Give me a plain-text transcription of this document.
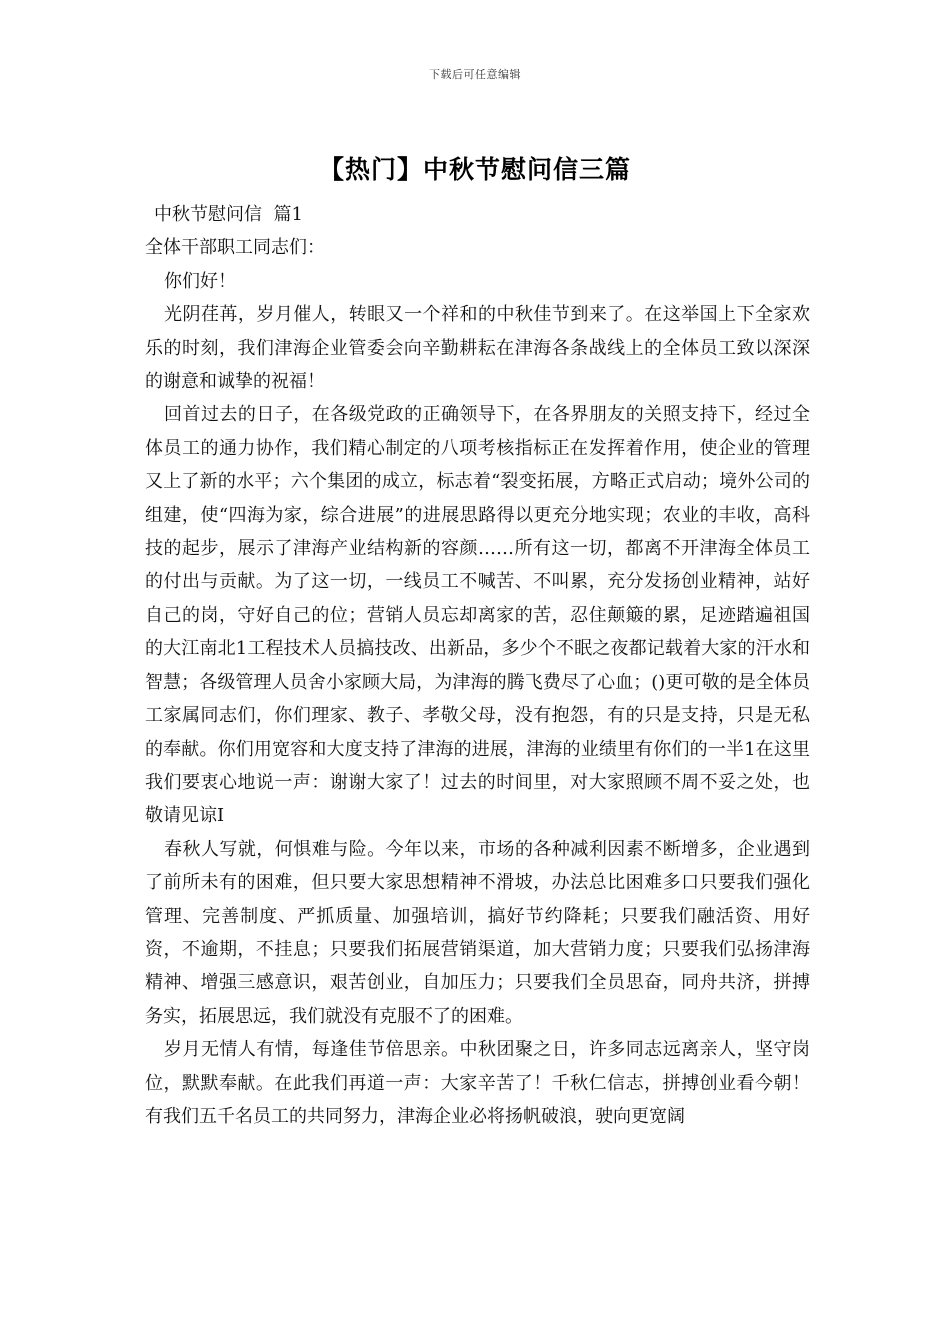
下载后可任意编辑
【热门】中秋节慰问信三篇
中秋节慰问信  篇1
全体干部职工同志们：
你们好！

光阴荏苒，岁月催人，转眼又一个祥和的中秋佳节到来了。在这举国上下全家欢乐的时刻，我们津海企业管委会向辛勤耕耘在津海各条战线上的全体员工致以深深的谢意和诚挚的祝福！

回首过去的日子，在各级党政的正确领导下，在各界朋友的关照支持下，经过全体员工的通力协作，我们精心制定的八项考核指标正在发挥着作用，使企业的管理又上了新的水平；六个集团的成立，标志着“裂变拓展，方略正式启动；境外公司的组建，使“四海为家，综合进展”的进展思路得以更充分地实现；农业的丰收，高科技的起步，展示了津海产业结构新的容颜……所有这一切，都离不开津海全体员工的付出与贡献。为了这一切，一线员工不喊苦、不叫累，充分发扬创业精神，站好自己的岗，守好自己的位；营销人员忘却离家的苦，忍住颠簸的累，足迹踏遍祖国的大江南北1工程技术人员搞技改、出新品，多少个不眠之夜都记载着大家的汗水和智慧；各级管理人员舍小家顾大局，为津海的腾飞费尽了心血；()更可敬的是全体员工家属同志们，你们理家、教子、孝敬父母，没有抱怨，有的只是支持，只是无私的奉献。你们用宽容和大度支持了津海的进展，津海的业绩里有你们的一半1在这里我们要衷心地说一声：谢谢大家了！过去的时间里，对大家照顾不周不妥之处，也敬请见谅I

春秋人写就，何惧难与险。今年以来，市场的各种减利因素不断增多，企业遇到了前所未有的困难，但只要大家思想精神不滑坡，办法总比困难多口只要我们强化管理、完善制度、严抓质量、加强培训，搞好节约降耗；只要我们融活资、用好资，不逾期，不挂息；只要我们拓展营销渠道，加大营销力度；只要我们弘扬津海精神、增强三感意识，艰苦创业，自加压力；只要我们全员思奋，同舟共济，拼搏务实，拓展思远，我们就没有克服不了的困难。

岁月无情人有情，每逢佳节倍思亲。中秋团聚之日，许多同志远离亲人，坚守岗位，默默奉献。在此我们再道一声：大家辛苦了！千秋仁信志，拼搏创业看今朝！有我们五千名员工的共同努力，津海企业必将扬帆破浪，驶向更宽阔
